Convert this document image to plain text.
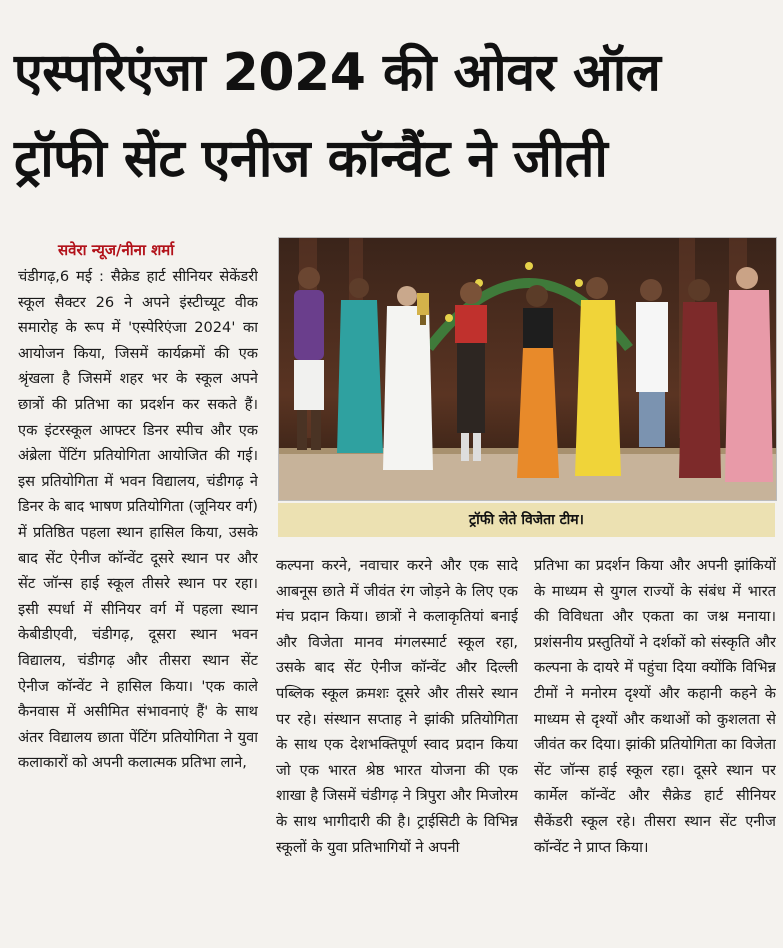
एस्परिएंजा 2024 की ओवर ऑल
ट्रॉफी सेंट एनीज कॉन्वैंट ने जीती
सवेरा न्यूज/नीना शर्मा

चंडीगढ़,6 मई : सैक्रेड हार्ट सीनियर सेकेंडरी स्कूल सैक्टर 26 ने अपने इंस्टीच्यूट वीक समारोह के रूप में 'एस्पेरिएंजा 2024' का आयोजन किया, जिसमें कार्यक्रमों की एक श्रृंखला है जिसमें शहर भर के स्कूल अपने छात्रों की प्रतिभा का प्रदर्शन कर सकते हैं। एक इंटरस्कूल आफ्टर डिनर स्पीच और एक अंब्रेला पेंटिंग प्रतियोगिता आयोजित की गई। इस प्रतियोगिता में भवन विद्यालय, चंडीगढ़ ने डिनर के बाद भाषण प्रतियोगिता (जूनियर वर्ग) में प्रतिष्ठित पहला स्थान हासिल किया, उसके बाद सेंट ऐनीज कॉन्वेंट दूसरे स्थान पर और सेंट जॉन्स हाई स्कूल तीसरे स्थान पर रहा। इसी स्पर्धा में सीनियर वर्ग में पहला स्थान केबीडीएवी, चंडीगढ़, दूसरा स्थान भवन विद्यालय, चंडीगढ़ और तीसरा स्थान सेंट ऐनीज कॉन्वेंट ने हासिल किया। 'एक काले कैनवास में असीमित संभावनाएं हैं' के साथ अंतर विद्यालय छाता पेंटिंग प्रतियोगिता ने युवा कलाकारों को अपनी कलात्मक प्रतिभा लाने,

ट्रॉफी लेते विजेता टीम।

कल्पना करने, नवाचार करने और एक सादे आबनूस छाते में जीवंत रंग जोड़ने के लिए एक मंच प्रदान किया। छात्रों ने कलाकृतियां बनाई और विजेता मानव मंगलस्मार्ट स्कूल रहा, उसके बाद सेंट ऐनीज कॉन्वेंट और दिल्ली पब्लिक स्कूल क्रमशः दूसरे और तीसरे स्थान पर रहे। संस्थान सप्ताह ने झांकी प्रतियोगिता के साथ एक देशभक्तिपूर्ण स्वाद प्रदान किया जो एक भारत श्रेष्ठ भारत योजना की एक शाखा है जिसमें चंडीगढ़ ने त्रिपुरा और मिजोरम के साथ भागीदारी की है। ट्राईसिटी के विभिन्न स्कूलों के युवा प्रतिभागियों ने अपनी

प्रतिभा का प्रदर्शन किया और अपनी झांकियों के माध्यम से युगल राज्यों के संबंध में भारत की विविधता और एकता का जश्न मनाया। प्रशंसनीय प्रस्तुतियों ने दर्शकों को संस्कृति और कल्पना के दायरे में पहुंचा दिया क्योंकि विभिन्न टीमों ने मनोरम दृश्यों और कहानी कहने के माध्यम से दृश्यों और कथाओं को कुशलता से जीवंत कर दिया। झांकी प्रतियोगिता का विजेता सेंट जॉन्स हाई स्कूल रहा। दूसरे स्थान पर कार्मेल कॉन्वेंट और सैक्रेड हार्ट सीनियर सैकेंडरी स्कूल रहे। तीसरा स्थान सेंट एनीज कॉन्वेंट ने प्राप्त किया।
